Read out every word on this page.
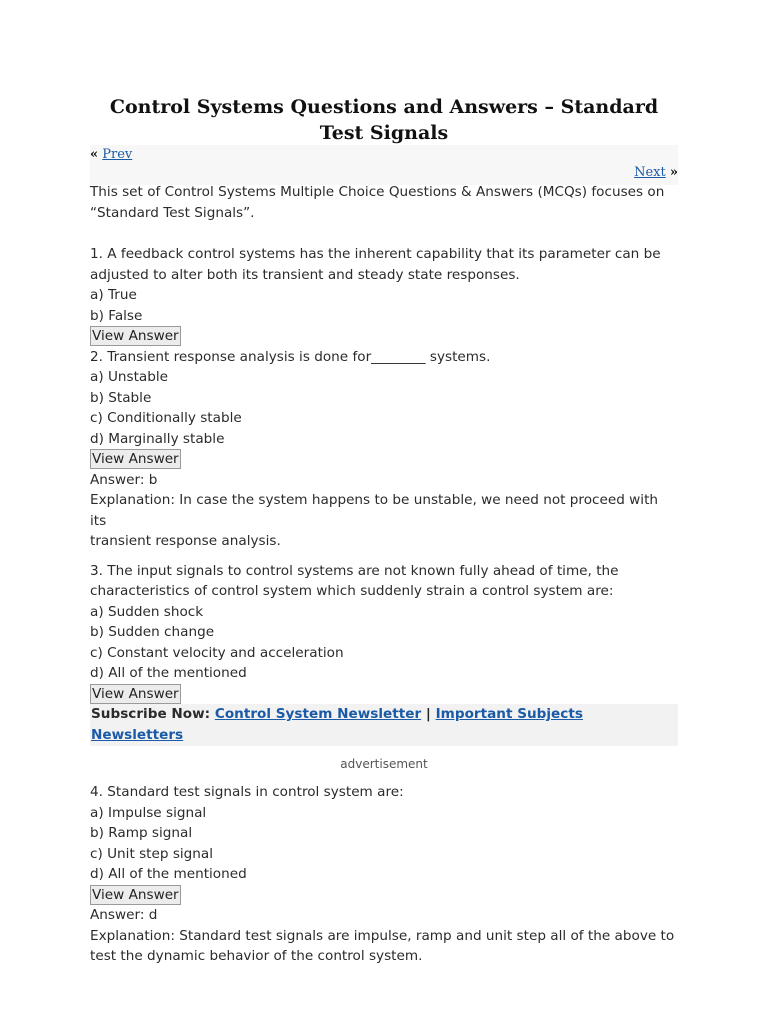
Control Systems Questions and Answers – Standard Test Signals
« Prev
Next »

This set of Control Systems Multiple Choice Questions & Answers (MCQs) focuses on
“Standard Test Signals”.

1. A feedback control systems has the inherent capability that its parameter can be
adjusted to alter both its transient and steady state responses.
a) True
b) False
View Answer
2. Transient response analysis is done for________ systems.
a) Unstable
b) Stable
c) Conditionally stable
d) Marginally stable
View Answer
Answer: b
Explanation: In case the system happens to be unstable, we need not proceed with its
transient response analysis.
3. The input signals to control systems are not known fully ahead of time, the
characteristics of control system which suddenly strain a control system are:
a) Sudden shock
b) Sudden change
c) Constant velocity and acceleration
d) All of the mentioned
View Answer
Subscribe Now: Control System Newsletter | Important Subjects Newsletters
advertisement
4. Standard test signals in control system are:
a) Impulse signal
b) Ramp signal
c) Unit step signal
d) All of the mentioned
View Answer
Answer: d
Explanation: Standard test signals are impulse, ramp and unit step all of the above to
test the dynamic behavior of the control system.
